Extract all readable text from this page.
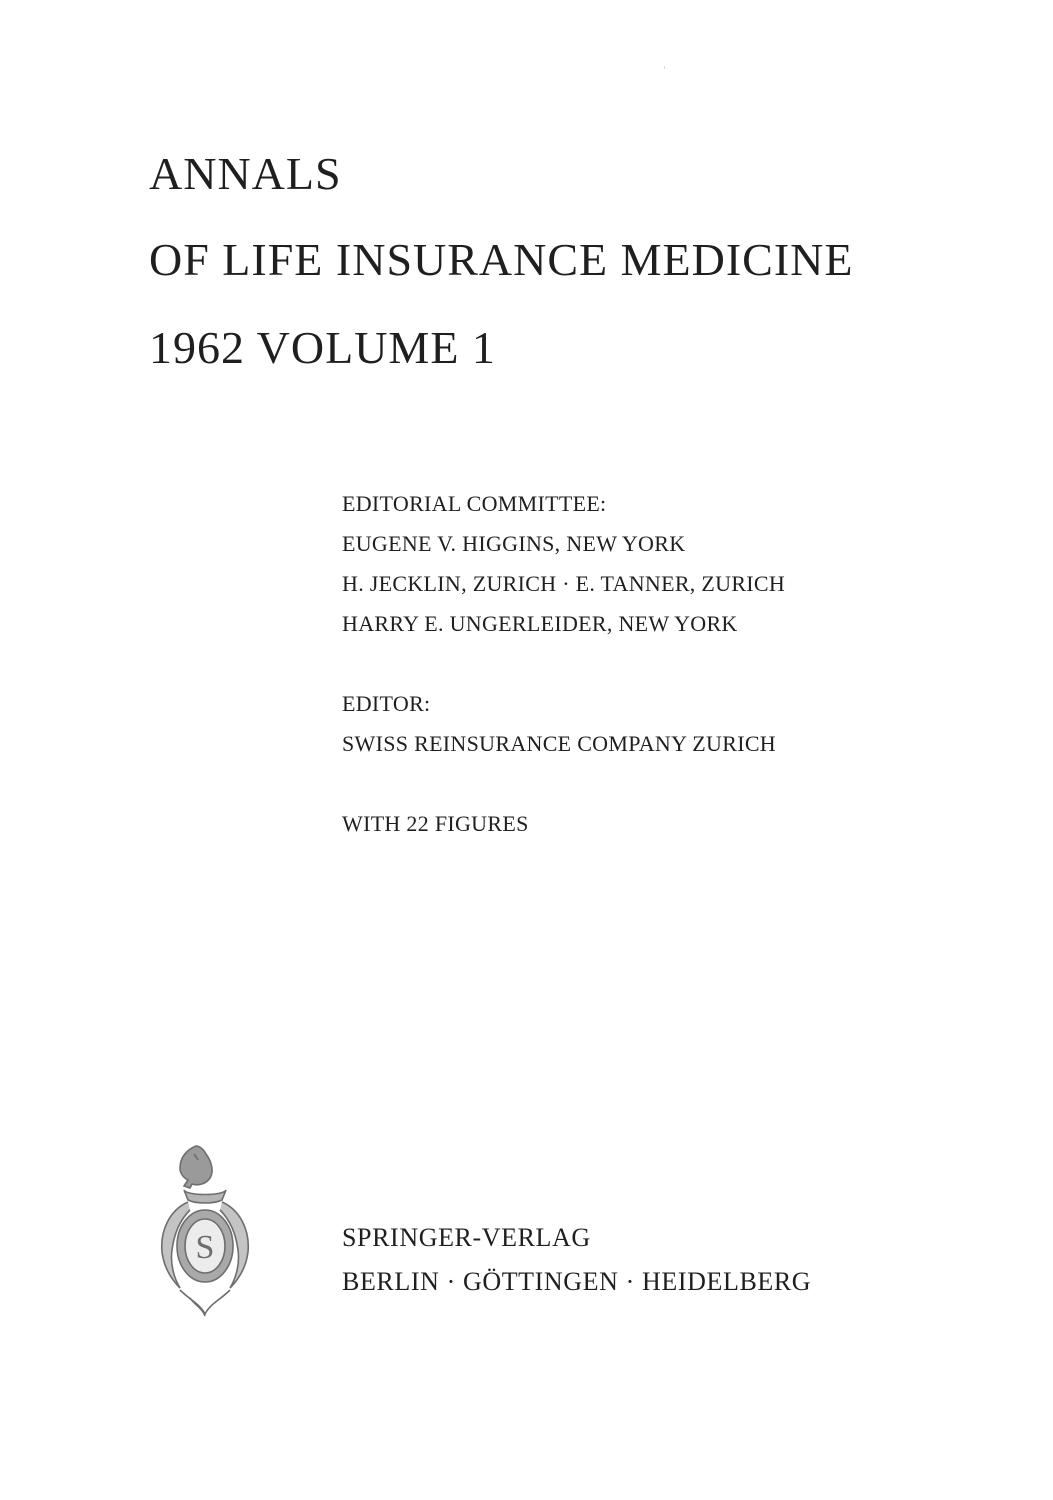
ANNALS
OF LIFE INSURANCE MEDICINE
1962 VOLUME 1
EDITORIAL COMMITTEE:
EUGENE V. HIGGINS, NEW YORK
H. JECKLIN, ZURICH · E. TANNER, ZURICH
HARRY E. UNGERLEIDER, NEW YORK
EDITOR:
SWISS REINSURANCE COMPANY ZURICH
WITH 22 FIGURES
S	SPRINGER-VERLAG
BERLIN · GÖTTINGEN · HEIDELBERG
